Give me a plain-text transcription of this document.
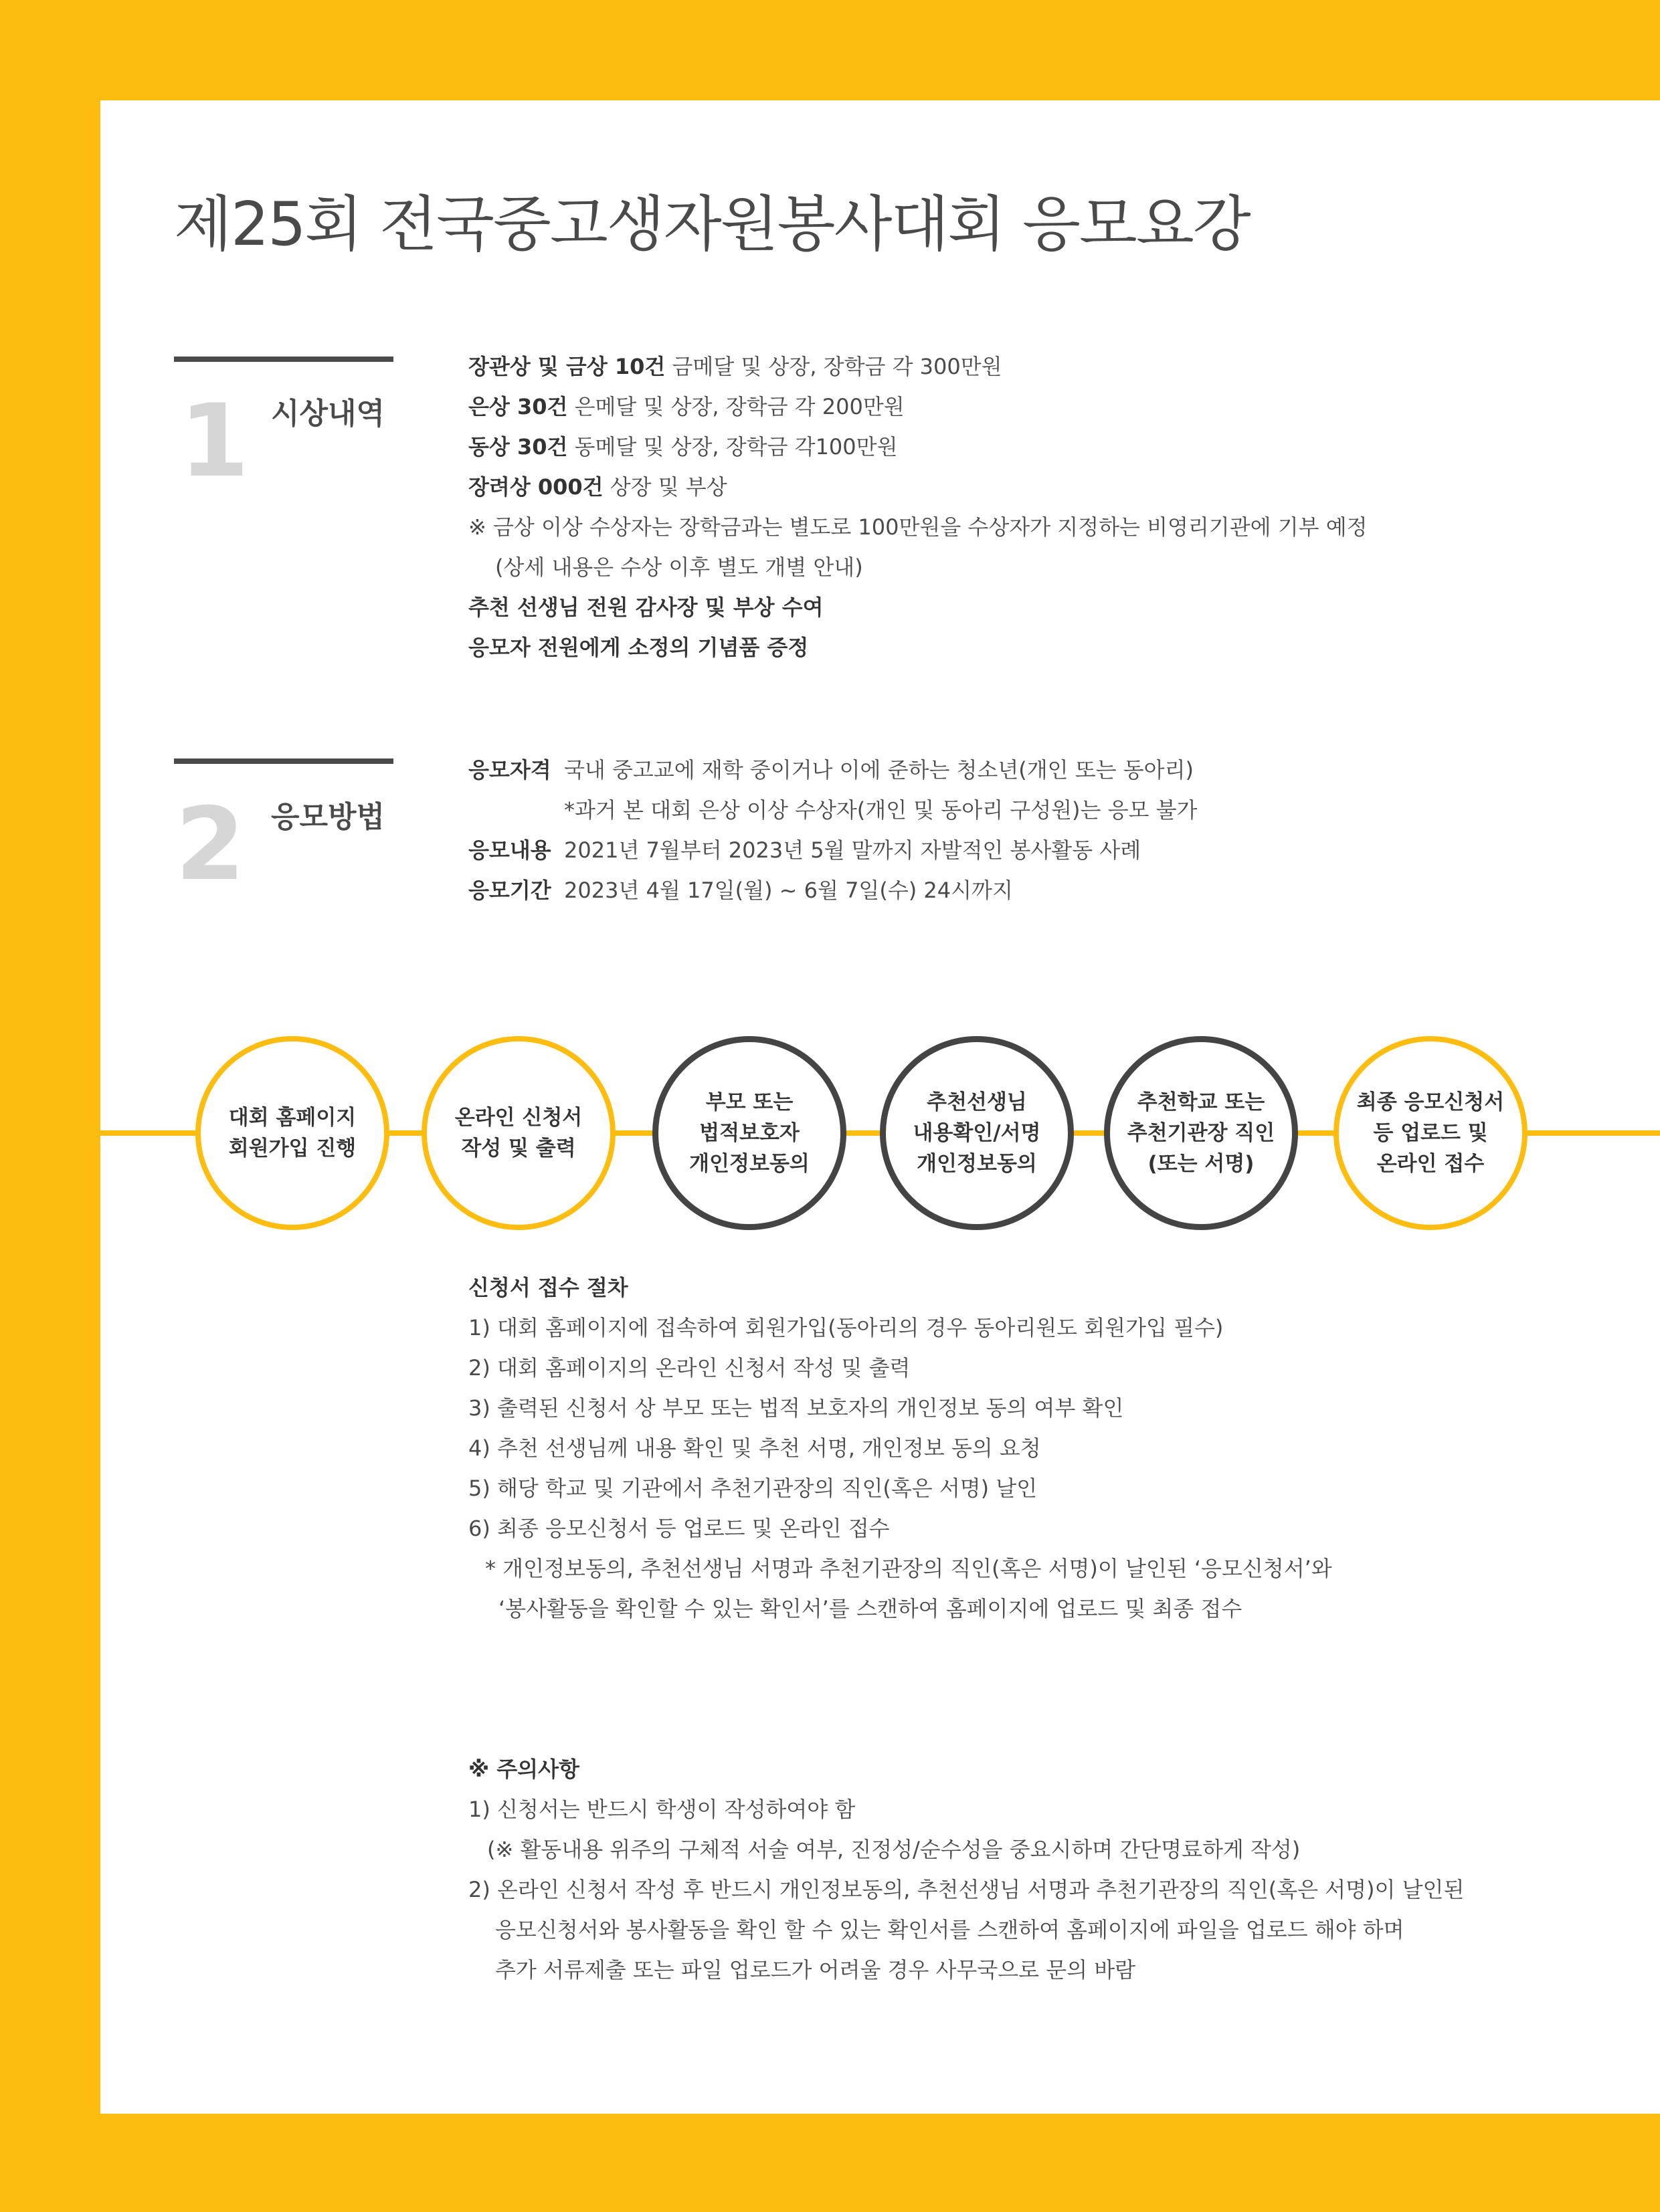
제25회 전국중고생자원봉사대회 응모요강
1 시상내역
장관상 및 금상 10건 금메달 및 상장, 장학금 각 300만원
은상 30건 은메달 및 상장, 장학금 각 200만원
동상 30건 동메달 및 상장, 장학금 각100만원
장려상 000건 상장 및 부상
※ 금상 이상 수상자는 장학금과는 별도로 100만원을 수상자가 지정하는 비영리기관에 기부 예정
(상세 내용은 수상 이후 별도 개별 안내)
추천 선생님 전원 감사장 및 부상 수여
응모자 전원에게 소정의 기념품 증정
2 응모방법
응모자격 국내 중고교에 재학 중이거나 이에 준하는 청소년(개인 또는 동아리)
*과거 본 대회 은상 이상 수상자(개인 및 동아리 구성원)는 응모 불가
응모내용 2021년 7월부터 2023년 5월 말까지 자발적인 봉사활동 사례
응모기간 2023년 4월 17일(월) ~ 6월 7일(수) 24시까지
대회 홈페이지
회원가입 진행
온라인 신청서
작성 및 출력
부모 또는
법적보호자
개인정보동의
추천선생님
내용확인/서명
개인정보동의
추천학교 또는
추천기관장 직인
(또는 서명)
최종 응모신청서
등 업로드 및
온라인 접수
신청서 접수 절차
1) 대회 홈페이지에 접속하여 회원가입(동아리의 경우 동아리원도 회원가입 필수)
2) 대회 홈페이지의 온라인 신청서 작성 및 출력
3) 출력된 신청서 상 부모 또는 법적 보호자의 개인정보 동의 여부 확인
4) 추천 선생님께 내용 확인 및 추천 서명, 개인정보 동의 요청
5) 해당 학교 및 기관에서 추천기관장의 직인(혹은 서명) 날인
6) 최종 응모신청서 등 업로드 및 온라인 접수
* 개인정보동의, 추천선생님 서명과 추천기관장의 직인(혹은 서명)이 날인된 ‘응모신청서’와
‘봉사활동을 확인할 수 있는 확인서’를 스캔하여 홈페이지에 업로드 및 최종 접수
※ 주의사항
1) 신청서는 반드시 학생이 작성하여야 함
(※ 활동내용 위주의 구체적 서술 여부, 진정성/순수성을 중요시하며 간단명료하게 작성)
2) 온라인 신청서 작성 후 반드시 개인정보동의, 추천선생님 서명과 추천기관장의 직인(혹은 서명)이 날인된
응모신청서와 봉사활동을 확인 할 수 있는 확인서를 스캔하여 홈페이지에 파일을 업로드 해야 하며
추가 서류제출 또는 파일 업로드가 어려울 경우 사무국으로 문의 바람
